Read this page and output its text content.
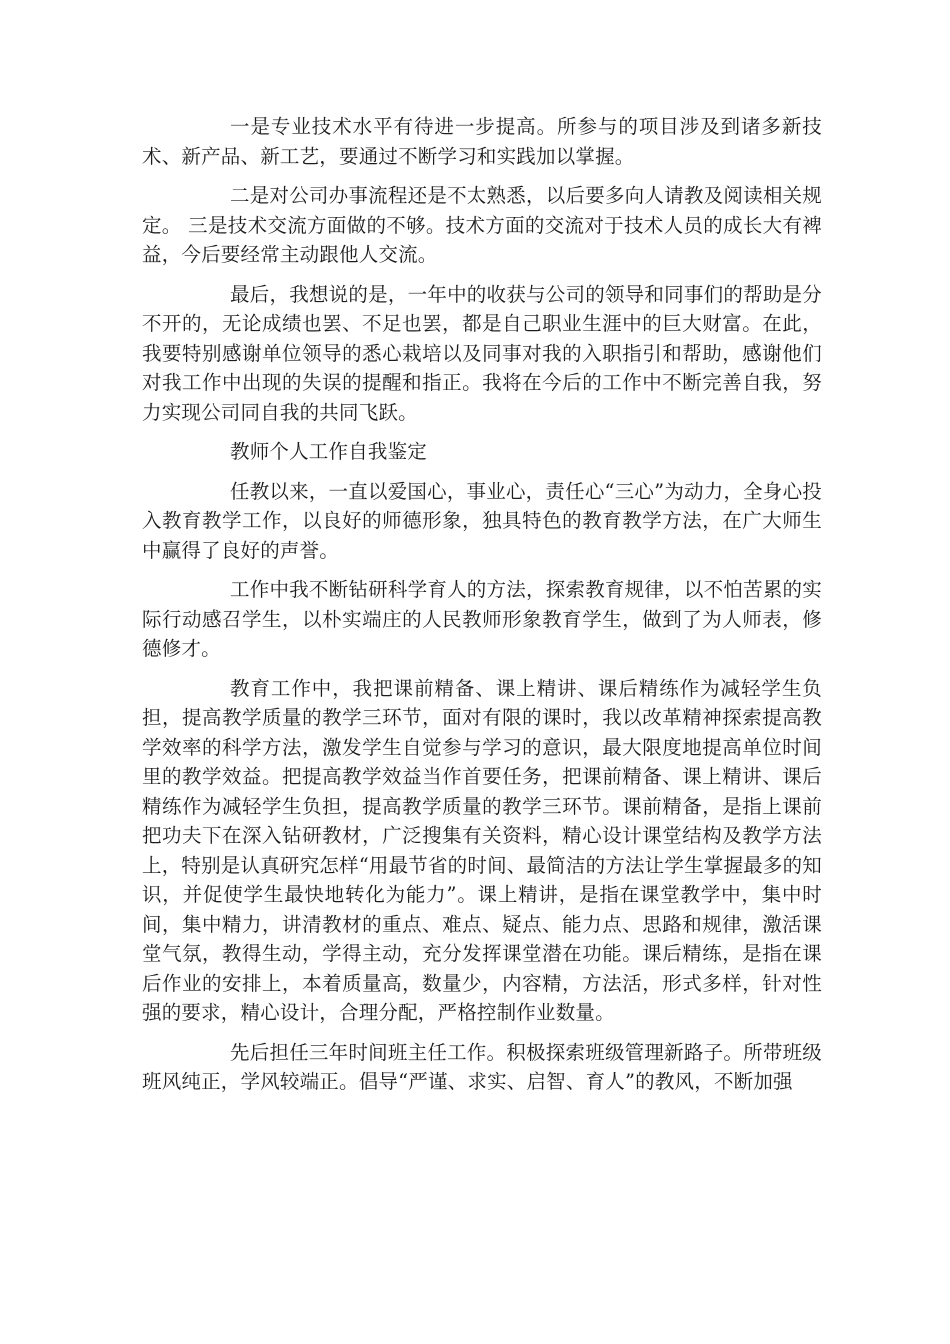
一是专业技术水平有待进一步提高。所参与的项目涉及到诸多新技术、新产品、新工艺，要通过不断学习和实践加以掌握。

二是对公司办事流程还是不太熟悉，以后要多向人请教及阅读相关规定。 三是技术交流方面做的不够。技术方面的交流对于技术人员的成长大有裨益，今后要经常主动跟他人交流。

最后，我想说的是，一年中的收获与公司的领导和同事们的帮助是分不开的，无论成绩也罢、不足也罢，都是自己职业生涯中的巨大财富。在此，我要特别感谢单位领导的悉心栽培以及同事对我的入职指引和帮助，感谢他们对我工作中出现的失误的提醒和指正。我将在今后的工作中不断完善自我，努力实现公司同自我的共同飞跃。

教师个人工作自我鉴定

任教以来，一直以爱国心，事业心，责任心“三心”为动力，全身心投入教育教学工作，以良好的师德形象，独具特色的教育教学方法，在广大师生中赢得了良好的声誉。

工作中我不断钻研科学育人的方法，探索教育规律，以不怕苦累的实际行动感召学生，以朴实端庄的人民教师形象教育学生，做到了为人师表，修德修才。

教育工作中，我把课前精备、课上精讲、课后精练作为减轻学生负担，提高教学质量的教学三环节，面对有限的课时，我以改革精神探索提高教学效率的科学方法，激发学生自觉参与学习的意识，最大限度地提高单位时间里的教学效益。把提高教学效益当作首要任务，把课前精备、课上精讲、课后精练作为减轻学生负担，提高教学质量的教学三环节。课前精备，是指上课前把功夫下在深入钻研教材，广泛搜集有关资料，精心设计课堂结构及教学方法上，特别是认真研究怎样“用最节省的时间、最简洁的方法让学生掌握最多的知识，并促使学生最快地转化为能力”。课上精讲，是指在课堂教学中，集中时间，集中精力，讲清教材的重点、难点、疑点、能力点、思路和规律，激活课堂气氛，教得生动，学得主动，充分发挥课堂潜在功能。课后精练，是指在课后作业的安排上，本着质量高，数量少，内容精，方法活，形式多样，针对性强的要求，精心设计，合理分配，严格控制作业数量。

先后担任三年时间班主任工作。积极探索班级管理新路子。所带班级班风纯正，学风较端正。倡导“严谨、求实、启智、育人”的教风，不断加强
